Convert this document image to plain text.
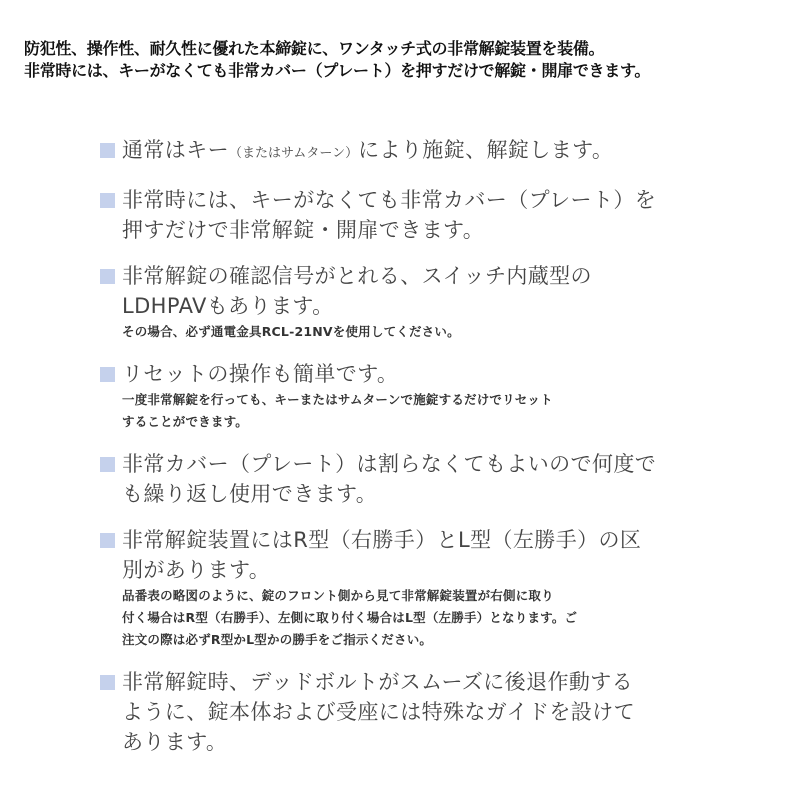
防犯性、操作性、耐久性に優れた本締錠に、ワンタッチ式の非常解錠装置を装備。
非常時には、キーがなくても非常カバー（プレート）を押すだけで解錠・開扉できます。
通常はキー（またはサムターン）により施錠、解錠します。
非常時には、キーがなくても非常カバー（プレート）を
押すだけで非常解錠・開扉できます。
非常解錠の確認信号がとれる、スイッチ内蔵型の
LDHPAVもあります。
その場合、必ず通電金具RCL-21NVを使用してください。
リセットの操作も簡単です。
一度非常解錠を行っても、キーまたはサムターンで施錠するだけでリセット
することができます。
非常カバー（プレート）は割らなくてもよいので何度で
も繰り返し使用できます。
非常解錠装置にはR型（右勝手）とL型（左勝手）の区
別があります。
品番表の略図のように、錠のフロント側から見て非常解錠装置が右側に取り
付く場合はR型（右勝手）、左側に取り付く場合はL型（左勝手）となります。ご
注文の際は必ずR型かL型かの勝手をご指示ください。
非常解錠時、デッドボルトがスムーズに後退作動する
ように、錠本体および受座には特殊なガイドを設けて
あります。
